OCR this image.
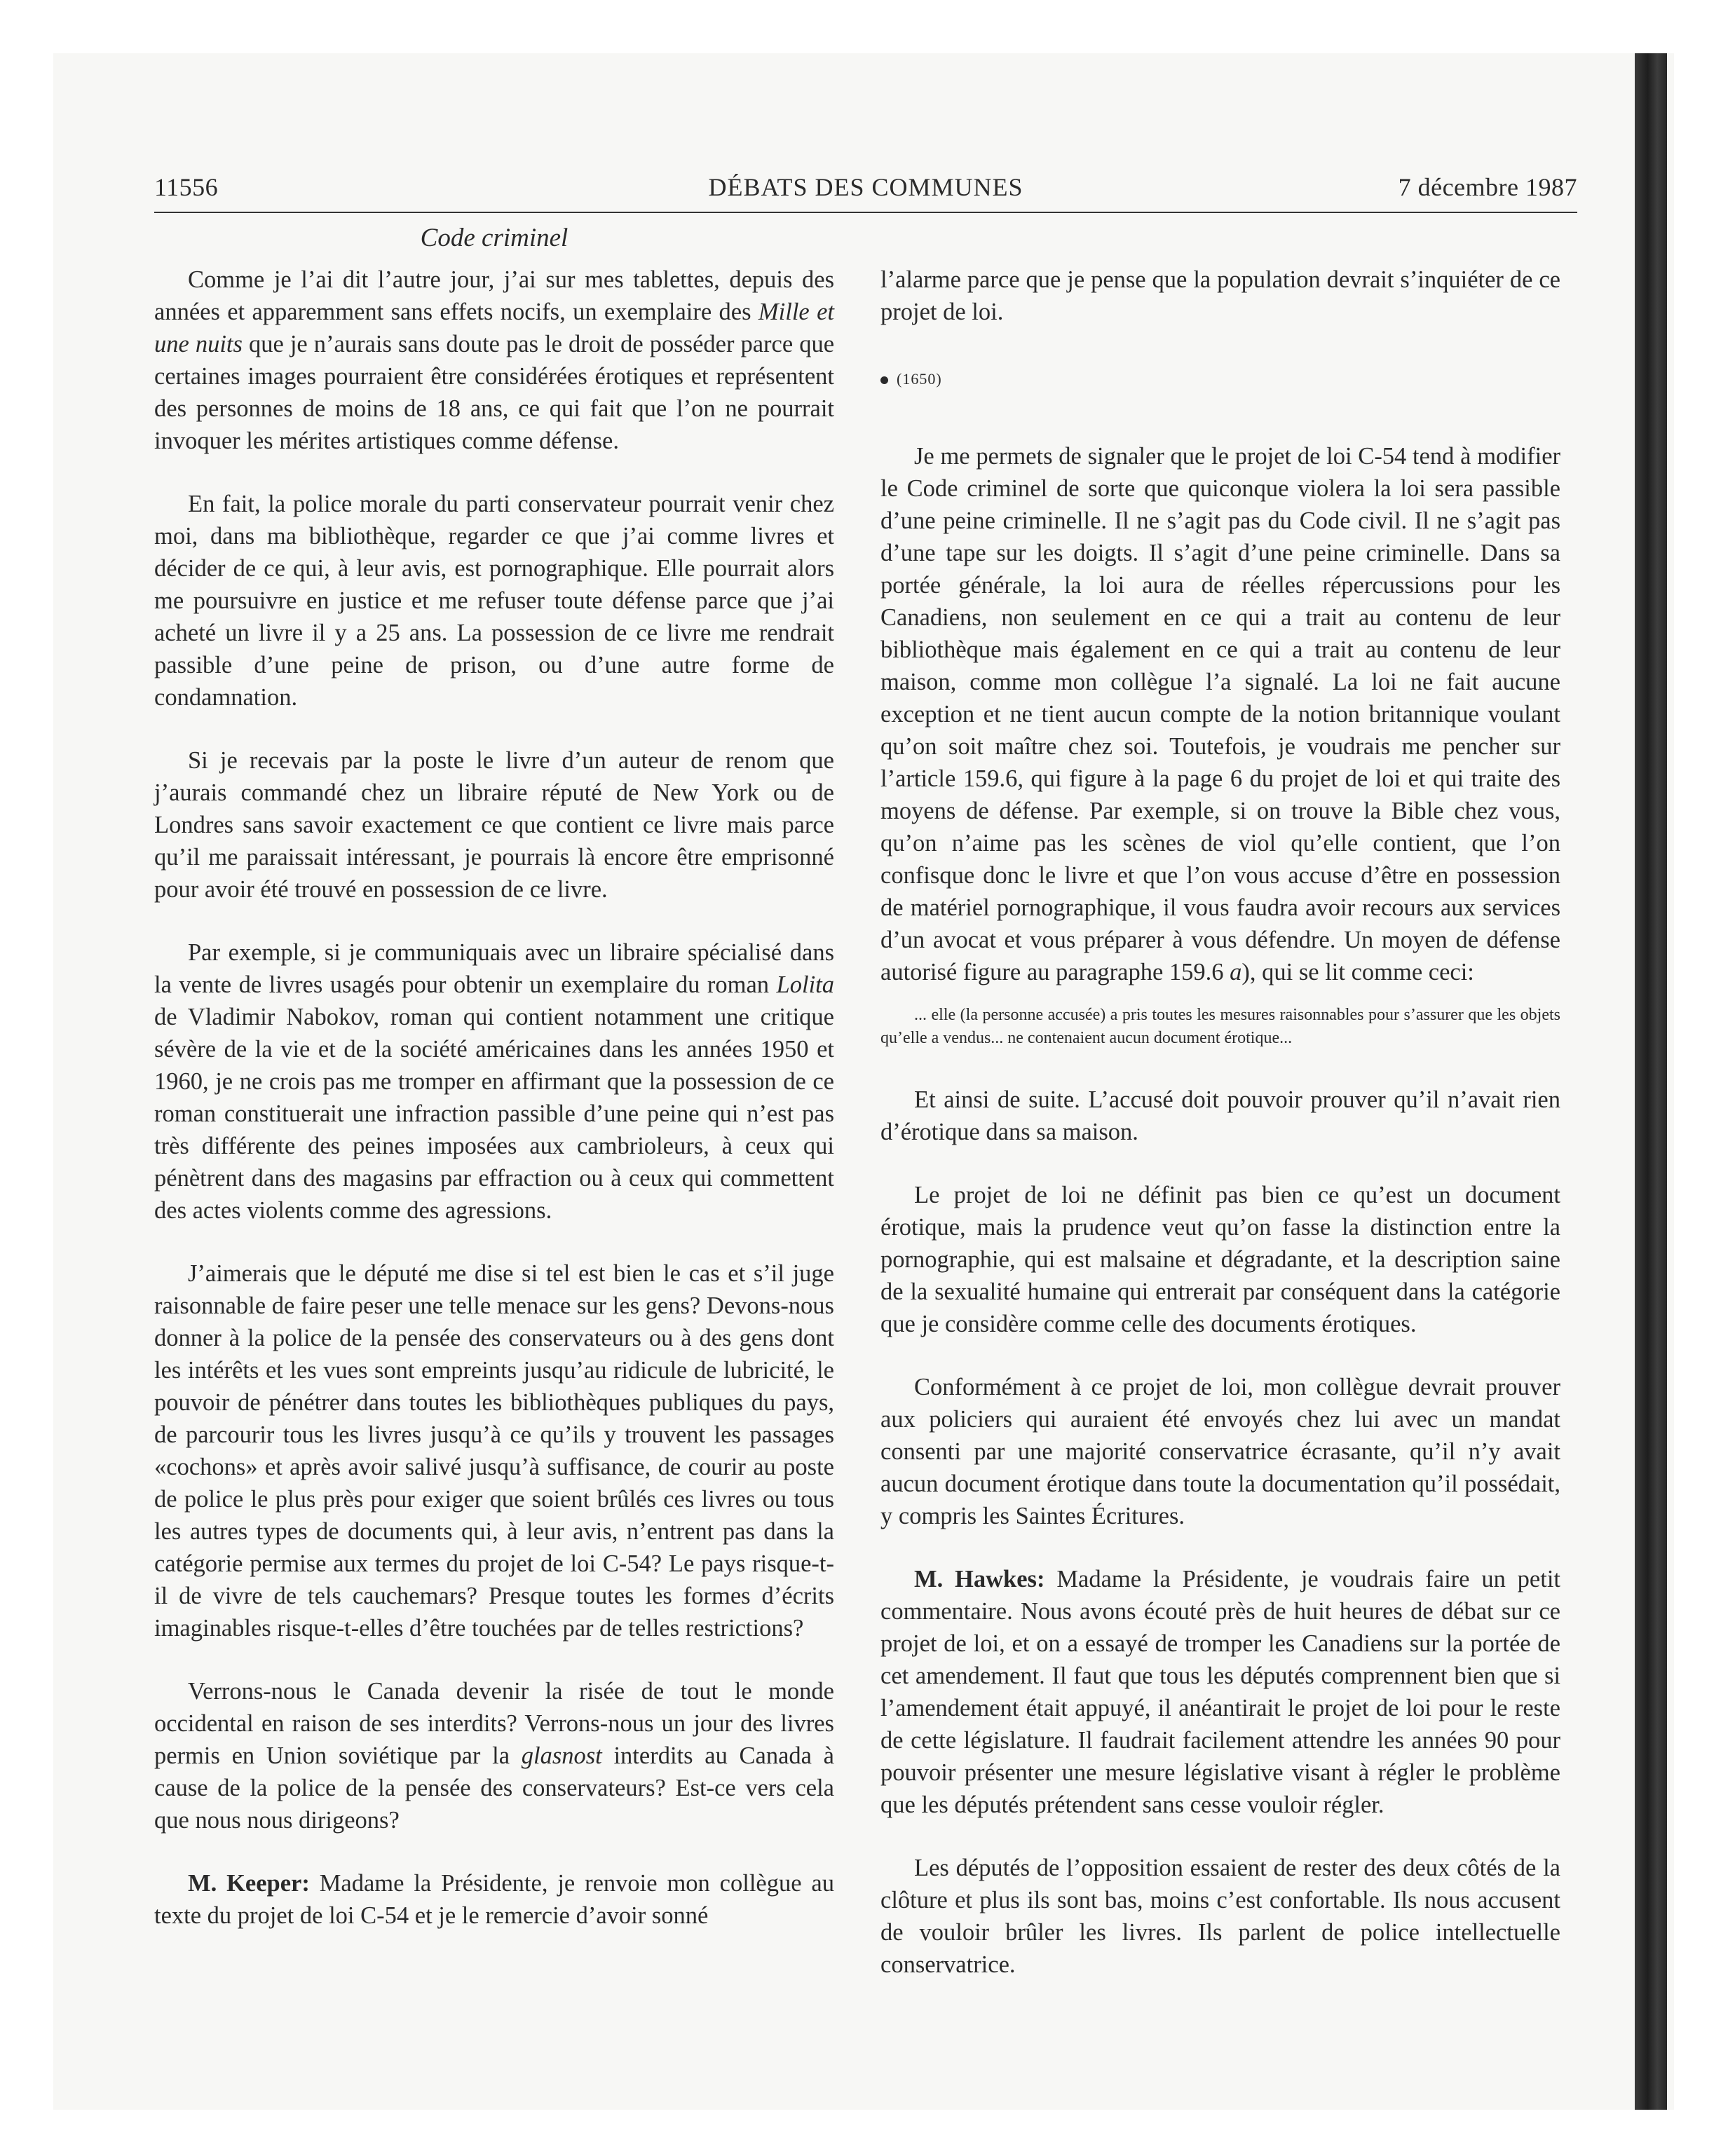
11556	DÉBATS DES COMMUNES	7 décembre 1987
Code criminel

Comme je l’ai dit l’autre jour, j’ai sur mes tablettes, depuis des années et apparemment sans effets nocifs, un exemplaire des Mille et une nuits que je n’aurais sans doute pas le droit de posséder parce que certaines images pourraient être considérées érotiques et représentent des personnes de moins de 18 ans, ce qui fait que l’on ne pourrait invoquer les mérites artistiques comme défense.

En fait, la police morale du parti conservateur pourrait venir chez moi, dans ma bibliothèque, regarder ce que j’ai comme livres et décider de ce qui, à leur avis, est pornographique. Elle pourrait alors me poursuivre en justice et me refuser toute défense parce que j’ai acheté un livre il y a 25 ans. La possession de ce livre me rendrait passible d’une peine de prison, ou d’une autre forme de condamnation.

Si je recevais par la poste le livre d’un auteur de renom que j’aurais commandé chez un libraire réputé de New York ou de Londres sans savoir exactement ce que contient ce livre mais parce qu’il me paraissait intéressant, je pourrais là encore être emprisonné pour avoir été trouvé en possession de ce livre.

Par exemple, si je communiquais avec un libraire spécialisé dans la vente de livres usagés pour obtenir un exemplaire du roman Lolita de Vladimir Nabokov, roman qui contient notamment une critique sévère de la vie et de la société américaines dans les années 1950 et 1960, je ne crois pas me tromper en affirmant que la possession de ce roman constituerait une infraction passible d’une peine qui n’est pas très différente des peines imposées aux cambrioleurs, à ceux qui pénètrent dans des magasins par effraction ou à ceux qui commettent des actes violents comme des agressions.

J’aimerais que le député me dise si tel est bien le cas et s’il juge raisonnable de faire peser une telle menace sur les gens? Devons-nous donner à la police de la pensée des conservateurs ou à des gens dont les intérêts et les vues sont empreints jusqu’au ridicule de lubricité, le pouvoir de pénétrer dans toutes les bibliothèques publiques du pays, de parcourir tous les livres jusqu’à ce qu’ils y trouvent les passages «cochons» et après avoir salivé jusqu’à suffisance, de courir au poste de police le plus près pour exiger que soient brûlés ces livres ou tous les autres types de documents qui, à leur avis, n’entrent pas dans la catégorie permise aux termes du projet de loi C-54? Le pays risque-t-il de vivre de tels cauchemars? Presque toutes les formes d’écrits imaginables risque-t-elles d’être touchées par de telles restrictions?

Verrons-nous le Canada devenir la risée de tout le monde occidental en raison de ses interdits? Verrons-nous un jour des livres permis en Union soviétique par la glasnost interdits au Canada à cause de la police de la pensée des conservateurs? Est-ce vers cela que nous nous dirigeons?

M. Keeper: Madame la Présidente, je renvoie mon collègue au texte du projet de loi C-54 et je le remercie d’avoir sonné

l’alarme parce que je pense que la population devrait s’inquiéter de ce projet de loi.

(1650)

Je me permets de signaler que le projet de loi C-54 tend à modifier le Code criminel de sorte que quiconque violera la loi sera passible d’une peine criminelle. Il ne s’agit pas du Code civil. Il ne s’agit pas d’une tape sur les doigts. Il s’agit d’une peine criminelle. Dans sa portée générale, la loi aura de réelles répercussions pour les Canadiens, non seulement en ce qui a trait au contenu de leur bibliothèque mais également en ce qui a trait au contenu de leur maison, comme mon collègue l’a signalé. La loi ne fait aucune exception et ne tient aucun compte de la notion britannique voulant qu’on soit maître chez soi. Toutefois, je voudrais me pencher sur l’article 159.6, qui figure à la page 6 du projet de loi et qui traite des moyens de défense. Par exemple, si on trouve la Bible chez vous, qu’on n’aime pas les scènes de viol qu’elle contient, que l’on confisque donc le livre et que l’on vous accuse d’être en possession de matériel pornographique, il vous faudra avoir recours aux services d’un avocat et vous préparer à vous défendre. Un moyen de défense autorisé figure au paragraphe 159.6 a), qui se lit comme ceci:

... elle (la personne accusée) a pris toutes les mesures raisonnables pour s’assurer que les objets qu’elle a vendus... ne contenaient aucun document érotique...

Et ainsi de suite. L’accusé doit pouvoir prouver qu’il n’avait rien d’érotique dans sa maison.

Le projet de loi ne définit pas bien ce qu’est un document érotique, mais la prudence veut qu’on fasse la distinction entre la pornographie, qui est malsaine et dégradante, et la description saine de la sexualité humaine qui entrerait par conséquent dans la catégorie que je considère comme celle des documents érotiques.

Conformément à ce projet de loi, mon collègue devrait prouver aux policiers qui auraient été envoyés chez lui avec un mandat consenti par une majorité conservatrice écrasante, qu’il n’y avait aucun document érotique dans toute la documentation qu’il possédait, y compris les Saintes Écritures.

M. Hawkes: Madame la Présidente, je voudrais faire un petit commentaire. Nous avons écouté près de huit heures de débat sur ce projet de loi, et on a essayé de tromper les Canadiens sur la portée de cet amendement. Il faut que tous les députés comprennent bien que si l’amendement était appuyé, il anéantirait le projet de loi pour le reste de cette législature. Il faudrait facilement attendre les années 90 pour pouvoir présenter une mesure législative visant à régler le problème que les députés prétendent sans cesse vouloir régler.

Les députés de l’opposition essaient de rester des deux côtés de la clôture et plus ils sont bas, moins c’est confortable. Ils nous accusent de vouloir brûler les livres. Ils parlent de police intellectuelle conservatrice.
